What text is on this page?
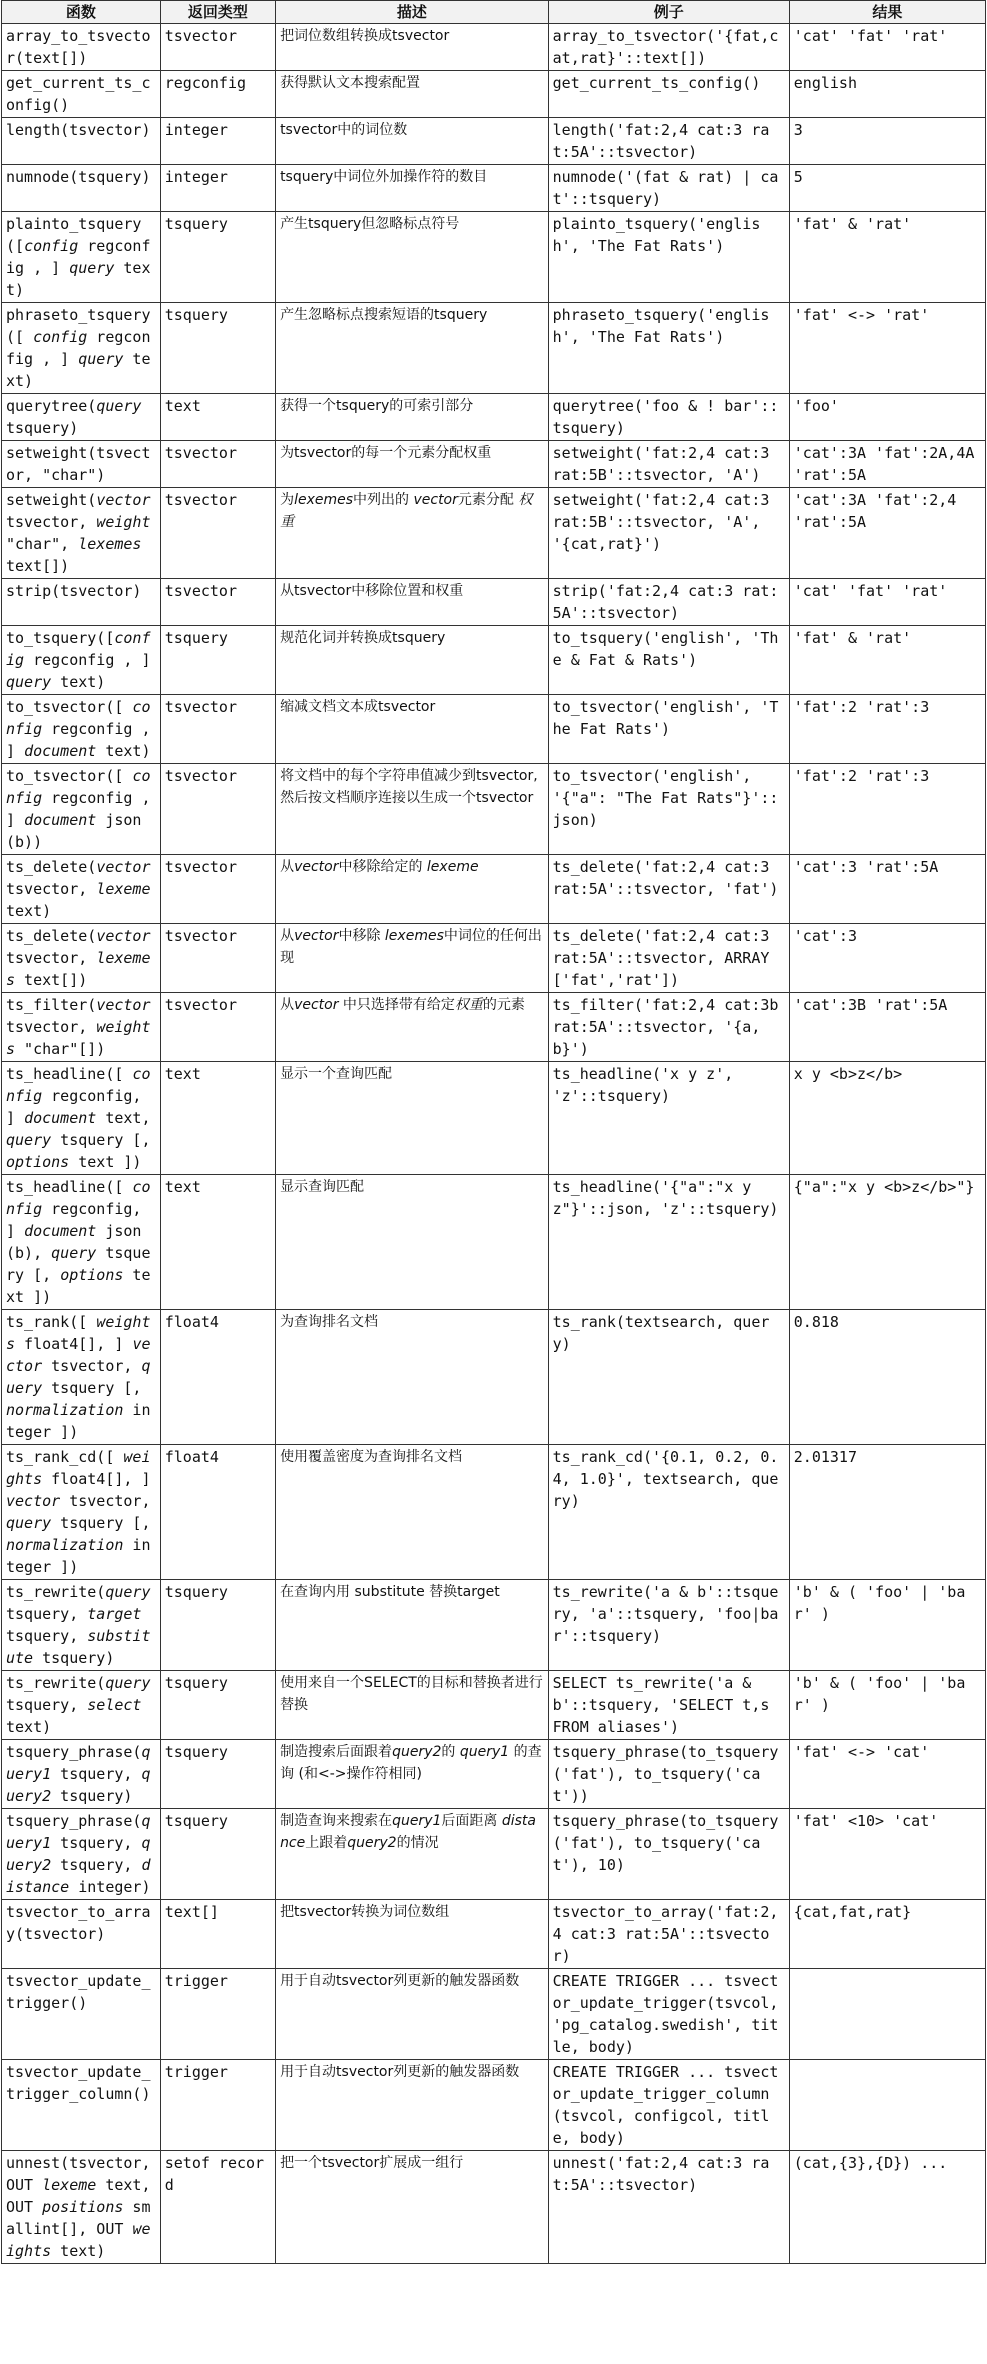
函数	返回类型	描述	例子	结果
array_to_tsvector(text[])	tsvector	把词位数组转换成tsvector	array_to_tsvector('{fat,cat,rat}'::text[])	'cat' 'fat' 'rat'
get_current_ts_config()	regconfig	获得默认文本搜索配置	get_current_ts_config()	english
length(tsvector)	integer	tsvector中的词位数	length('fat:2,4 cat:3 rat:5A'::tsvector)	3
numnode(tsquery)	integer	tsquery中词位外加操作符的数目	numnode('(fat & rat) | cat'::tsquery)	5
plainto_tsquery([config regconfig , ] query text)	tsquery	产生tsquery但忽略标点符号	plainto_tsquery('english', 'The Fat Rats')	'fat' & 'rat'
phraseto_tsquery([ config regconfig , ] query text)	tsquery	产生忽略标点搜索短语的tsquery	phraseto_tsquery('english', 'The Fat Rats')	'fat' <-> 'rat'
querytree(query tsquery)	text	获得一个tsquery的可索引部分	querytree('foo & ! bar'::tsquery)	'foo'
setweight(tsvector, "char")	tsvector	为tsvector的每一个元素分配权重	setweight('fat:2,4 cat:3 rat:5B'::tsvector, 'A')	'cat':3A 'fat':2A,4A 'rat':5A
setweight(vector tsvector, weight "char", lexemes text[])	tsvector	为lexemes中列出的 vector元素分配 权重	setweight('fat:2,4 cat:3 rat:5B'::tsvector, 'A', '{cat,rat}')	'cat':3A 'fat':2,4 'rat':5A
strip(tsvector)	tsvector	从tsvector中移除位置和权重	strip('fat:2,4 cat:3 rat:5A'::tsvector)	'cat' 'fat' 'rat'
to_tsquery([config regconfig , ] query text)	tsquery	规范化词并转换成tsquery	to_tsquery('english', 'The & Fat & Rats')	'fat' & 'rat'
to_tsvector([ config regconfig , ] document text)	tsvector	缩减文档文本成tsvector	to_tsvector('english', 'The Fat Rats')	'fat':2 'rat':3
to_tsvector([ config regconfig , ] document json(b))	tsvector	将文档中的每个字符串值减少到tsvector, 然后按文档顺序连接以生成一个tsvector	to_tsvector('english', '{"a": "The Fat Rats"}'::json)	'fat':2 'rat':3
ts_delete(vector tsvector, lexeme text)	tsvector	从vector中移除给定的 lexeme	ts_delete('fat:2,4 cat:3 rat:5A'::tsvector, 'fat')	'cat':3 'rat':5A
ts_delete(vector tsvector, lexemes text[])	tsvector	从vector中移除 lexemes中词位的任何出现	ts_delete('fat:2,4 cat:3 rat:5A'::tsvector, ARRAY['fat','rat'])	'cat':3
ts_filter(vector tsvector, weights "char"[])	tsvector	从vector 中只选择带有给定权重的元素	ts_filter('fat:2,4 cat:3b rat:5A'::tsvector, '{a,b}')	'cat':3B 'rat':5A
ts_headline([ config regconfig, ] document text, query tsquery [, options text ])	text	显示一个查询匹配	ts_headline('x y z', 'z'::tsquery)	x y <b>z</b>
ts_headline([ config regconfig, ] document json(b), query tsquery [, options text ])	text	显示查询匹配	ts_headline('{"a":"x y z"}'::json, 'z'::tsquery)	{"a":"x y <b>z</b>"}
ts_rank([ weights float4[], ] vector tsvector, query tsquery [, normalization integer ])	float4	为查询排名文档	ts_rank(textsearch, query)	0.818
ts_rank_cd([ weights float4[], ] vector tsvector, query tsquery [, normalization integer ])	float4	使用覆盖密度为查询排名文档	ts_rank_cd('{0.1, 0.2, 0.4, 1.0}', textsearch, query)	2.01317
ts_rewrite(query tsquery, target tsquery, substitute tsquery)	tsquery	在查询内用 substitute 替换target	ts_rewrite('a & b'::tsquery, 'a'::tsquery, 'foo|bar'::tsquery)	'b' & ( 'foo' | 'bar' )
ts_rewrite(query tsquery, select text)	tsquery	使用来自一个SELECT的目标和替换者进行替换	SELECT ts_rewrite('a & b'::tsquery, 'SELECT t,s FROM aliases')	'b' & ( 'foo' | 'bar' )
tsquery_phrase(query1 tsquery, query2 tsquery)	tsquery	制造搜索后面跟着query2的 query1 的查询 (和<->操作符相同)	tsquery_phrase(to_tsquery('fat'), to_tsquery('cat'))	'fat' <-> 'cat'
tsquery_phrase(query1 tsquery, query2 tsquery, distance integer)	tsquery	制造查询来搜索在query1后面距离 distance上跟着query2的情况	tsquery_phrase(to_tsquery('fat'), to_tsquery('cat'), 10)	'fat' <10> 'cat'
tsvector_to_array(tsvector)	text[]	把tsvector转换为词位数组	tsvector_to_array('fat:2,4 cat:3 rat:5A'::tsvector)	{cat,fat,rat}
tsvector_update_trigger()	trigger	用于自动tsvector列更新的触发器函数	CREATE TRIGGER ... tsvector_update_trigger(tsvcol, 'pg_catalog.swedish', title, body)	
tsvector_update_trigger_column()	trigger	用于自动tsvector列更新的触发器函数	CREATE TRIGGER ... tsvector_update_trigger_column(tsvcol, configcol, title, body)	
unnest(tsvector, OUT lexeme text, OUT positions smallint[], OUT weights text)	setof record	把一个tsvector扩展成一组行	unnest('fat:2,4 cat:3 rat:5A'::tsvector)	(cat,{3},{D}) ...
